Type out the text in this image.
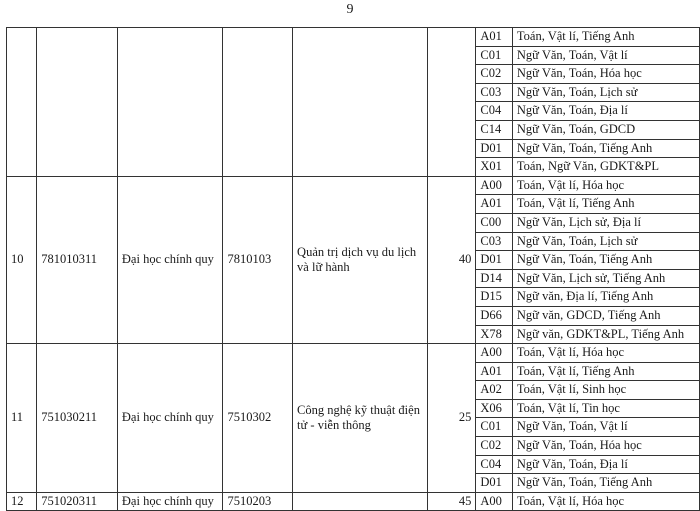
9
						A01	Toán, Vật lí, Tiếng Anh
						C01	Ngữ Văn, Toán, Vật lí
						C02	Ngữ Văn, Toán, Hóa học
						C03	Ngữ Văn, Toán, Lịch sử
						C04	Ngữ Văn, Toán, Địa lí
						C14	Ngữ Văn, Toán, GDCD
						D01	Ngữ Văn, Toán, Tiếng Anh
						X01	Toán, Ngữ Văn, GDKT&PL
10	781010311	Đại học chính quy	7810103	Quản trị dịch vụ du lịch và lữ hành	40	A00	Toán, Vật lí, Hóa học
						A01	Toán, Vật lí, Tiếng Anh
						C00	Ngữ Văn, Lịch sử, Địa lí
						C03	Ngữ Văn, Toán, Lịch sử
						D01	Ngữ Văn, Toán, Tiếng Anh
						D14	Ngữ Văn, Lịch sử, Tiếng Anh
						D15	Ngữ văn, Địa lí, Tiếng Anh
						D66	Ngữ văn, GDCD, Tiếng Anh
						X78	Ngữ văn, GDKT&PL, Tiếng Anh
11	751030211	Đại học chính quy	7510302	Công nghệ kỹ thuật điện tử - viễn thông	25	A00	Toán, Vật lí, Hóa học
						A01	Toán, Vật lí, Tiếng Anh
						A02	Toán, Vật lí, Sinh học
						X06	Toán, Vật lí, Tin học
						C01	Ngữ Văn, Toán, Vật lí
						C02	Ngữ Văn, Toán, Hóa học
						C04	Ngữ Văn, Toán, Địa lí
						D01	Ngữ Văn, Toán, Tiếng Anh
12	751020311	Đại học chính quy	7510203		45	A00	Toán, Vật lí, Hóa học
